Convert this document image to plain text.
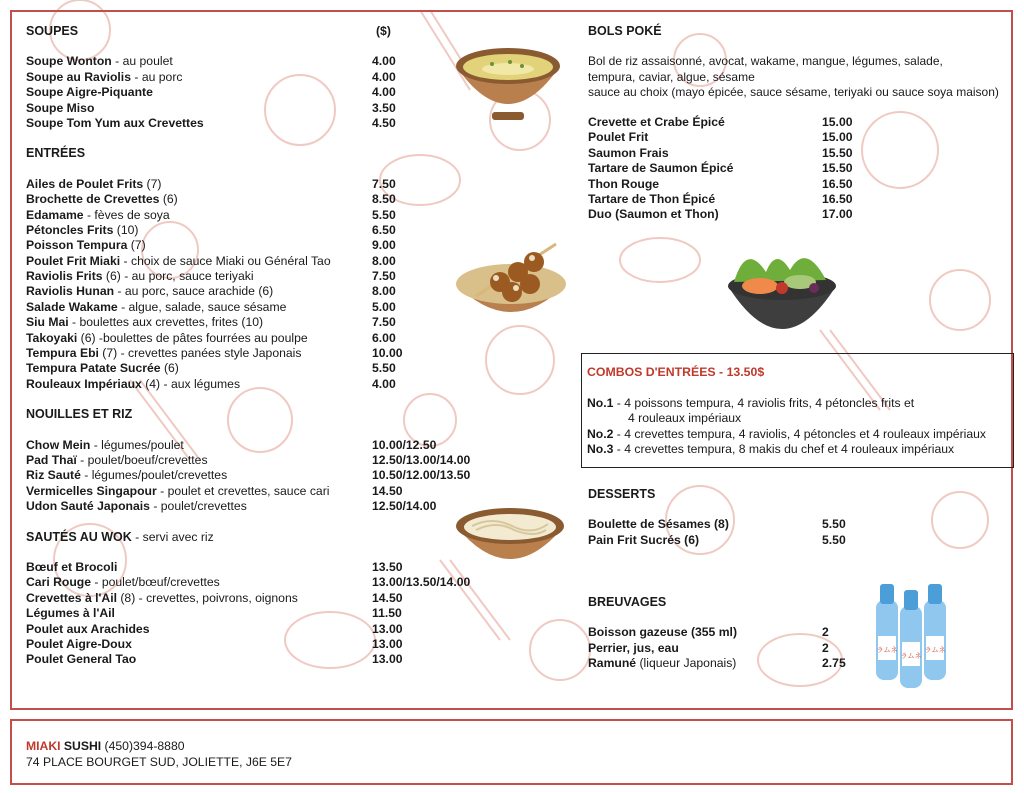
SOUPES	($)
Soupe Wonton - au poulet	4.00
Soupe au Raviolis - au porc	4.00
Soupe Aigre-Piquante	4.00
Soupe Miso	3.50
Soupe Tom Yum aux Crevettes	4.50
ENTRÉES
Ailes de Poulet Frits (7)	7.50
Brochette de Crevettes (6)	8.50
Edamame - fèves de soya	5.50
Pétoncles Frits (10)	6.50
Poisson Tempura (7)	9.00
Poulet Frit Miaki - choix de sauce Miaki ou Général Tao	8.00
Raviolis Frits (6) - au porc, sauce teriyaki	7.50
Raviolis Hunan - au porc, sauce arachide (6)	8.00
Salade Wakame - algue, salade, sauce sésame	5.00
Siu Mai - boulettes aux crevettes, frites (10)	7.50
Takoyaki (6) -boulettes de pâtes fourrées au poulpe	6.00
Tempura Ebi (7) - crevettes panées style Japonais	10.00
Tempura Patate Sucrée (6)	5.50
Rouleaux Impériaux (4) - aux légumes	4.00
NOUILLES ET RIZ
Chow Mein - légumes/poulet	10.00/12.50
Pad Thaï - poulet/boeuf/crevettes	12.50/13.00/14.00
Riz Sauté - légumes/poulet/crevettes	10.50/12.00/13.50
Vermicelles Singapour - poulet et crevettes, sauce cari	14.50
Udon Sauté Japonais - poulet/crevettes	12.50/14.00
SAUTÉS AU WOK - servi avec riz
Bœuf et Brocoli	13.50
Cari Rouge - poulet/bœuf/crevettes	13.00/13.50/14.00
Crevettes à l'Ail (8) - crevettes, poivrons, oignons	14.50
Légumes à l'Ail	11.50
Poulet aux Arachides	13.00
Poulet Aigre-Doux	13.00
Poulet General Tao	13.00
BOLS POKÉ
Bol de riz assaisonné, avocat, wakame, mangue, légumes, salade,
tempura, caviar, algue, sésame
sauce au choix (mayo épicée, sauce sésame, teriyaki ou sauce soya maison)
Crevette et Crabe Épicé	15.00
Poulet Frit	15.00
Saumon Frais	15.50
Tartare de Saumon Épicé	15.50
Thon Rouge	16.50
Tartare de Thon Épicé	16.50
Duo (Saumon et Thon)	17.00
COMBOS D'ENTRÉES - 13.50$
No.1 - 4 poissons tempura, 4 raviolis frits, 4 pétoncles frits et
4 rouleaux impériaux
No.2 - 4 crevettes tempura, 4 raviolis, 4 pétoncles et 4 rouleaux impériaux
No.3 - 4 crevettes tempura, 8 makis du chef et 4 rouleaux impériaux
DESSERTS
Boulette de Sésames (8)	5.50
Pain Frit Sucrés (6)	5.50
BREUVAGES
Boisson gazeuse (355 ml)	2
Perrier, jus, eau	2
Ramuné (liqueur Japonais)	2.75
ラムネ
ラムネ
ラムネ
MIAKI SUSHI (450)394-8880
74 PLACE BOURGET SUD, JOLIETTE, J6E 5E7
